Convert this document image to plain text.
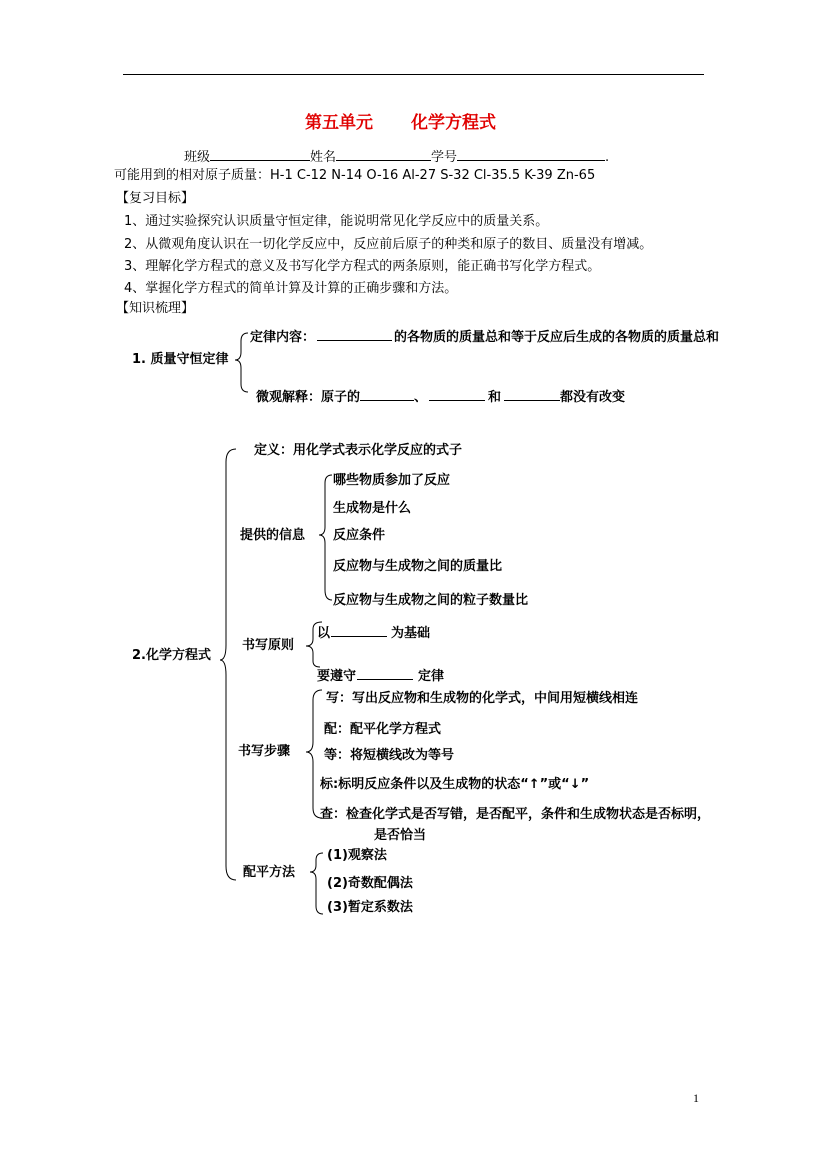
第五单元 化学方程式
班级	姓名	学号	.
可能用到的相对原子质量：H-1 C-12 N-14 O-16 Al-27 S-32 Cl-35.5 K-39 Zn-65
【复习目标】
1、通过实验探究认识质量守恒定律，能说明常见化学反应中的质量关系。
2、从微观角度认识在一切化学反应中，反应前后原子的种类和原子的数目、质量没有增减。
3、理解化学方程式的意义及书写化学方程式的两条原则，能正确书写化学方程式。
4、掌握化学方程式的简单计算及计算的正确步骤和方法。
【知识梳理】
1. 质量守恒定律
定律内容：	的各物质的质量总和等于反应后生成的各物质的质量总和
微观解释：原子的	、	和	都没有改变
2.化学方程式
定义：用化学式表示化学反应的式子
提供的信息
哪些物质参加了反应
生成物是什么
反应条件
反应物与生成物之间的质量比
反应物与生成物之间的粒子数量比
书写原则
以	为基础
要遵守	定律
书写步骤
写：写出反应物和生成物的化学式，中间用短横线相连
配：配平化学方程式
等：将短横线改为等号
标:标明反应条件以及生成物的状态“↑”或“↓”
查：检查化学式是否写错，是否配平，条件和生成物状态是否标明，
是否恰当
配平方法
(1)观察法
(2)奇数配偶法
(3)暂定系数法
1
